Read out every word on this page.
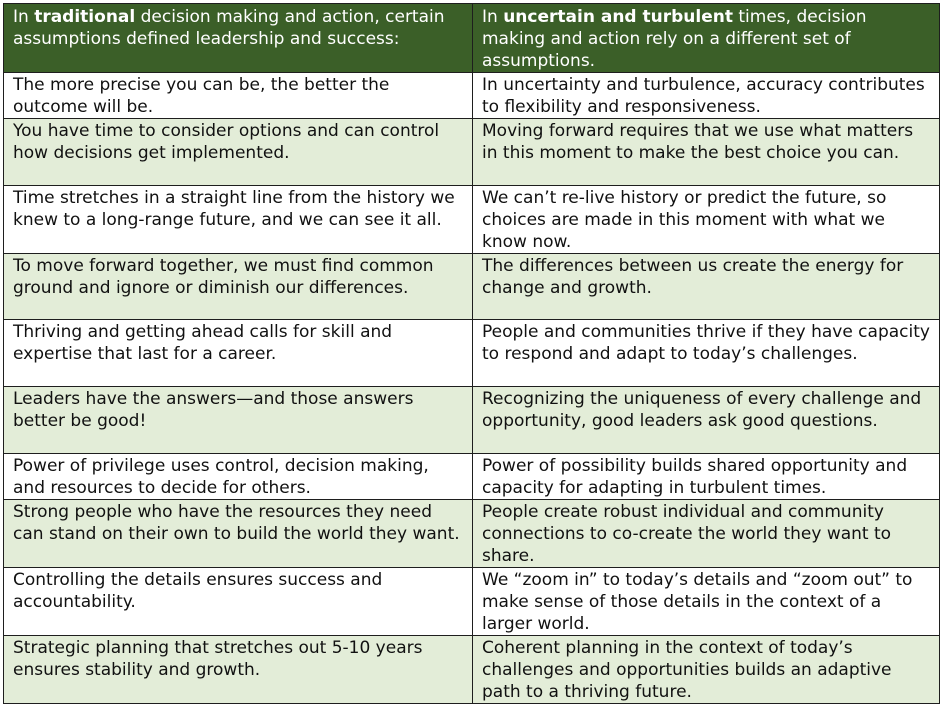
In traditional decision making and action, certain assumptions defined leadership and success:	In uncertain and turbulent times, decision making and action rely on a different set of assumptions.
The more precise you can be, the better the outcome will be.	In uncertainty and turbulence, accuracy contributes to flexibility and responsiveness.
You have time to consider options and can control how decisions get implemented.	Moving forward requires that we use what matters in this moment to make the best choice you can.
Time stretches in a straight line from the history we knew to a long-range future, and we can see it all.	We can’t re-live history or predict the future, so choices are made in this moment with what we know now.
To move forward together, we must find common ground and ignore or diminish our differences.	The differences between us create the energy for change and growth.
Thriving and getting ahead calls for skill and expertise that last for a career.	People and communities thrive if they have capacity to respond and adapt to today’s challenges.
Leaders have the answers—and those answers better be good!	Recognizing the uniqueness of every challenge and opportunity, good leaders ask good questions.
Power of privilege uses control, decision making, and resources to decide for others.	Power of possibility builds shared opportunity and capacity for adapting in turbulent times.
Strong people who have the resources they need can stand on their own to build the world they want.	People create robust individual and community connections to co-create the world they want to share.
Controlling the details ensures success and accountability.	We “zoom in” to today’s details and “zoom out” to make sense of those details in the context of a larger world.
Strategic planning that stretches out 5-10 years ensures stability and growth.	Coherent planning in the context of today’s challenges and opportunities builds an adaptive path to a thriving future.
